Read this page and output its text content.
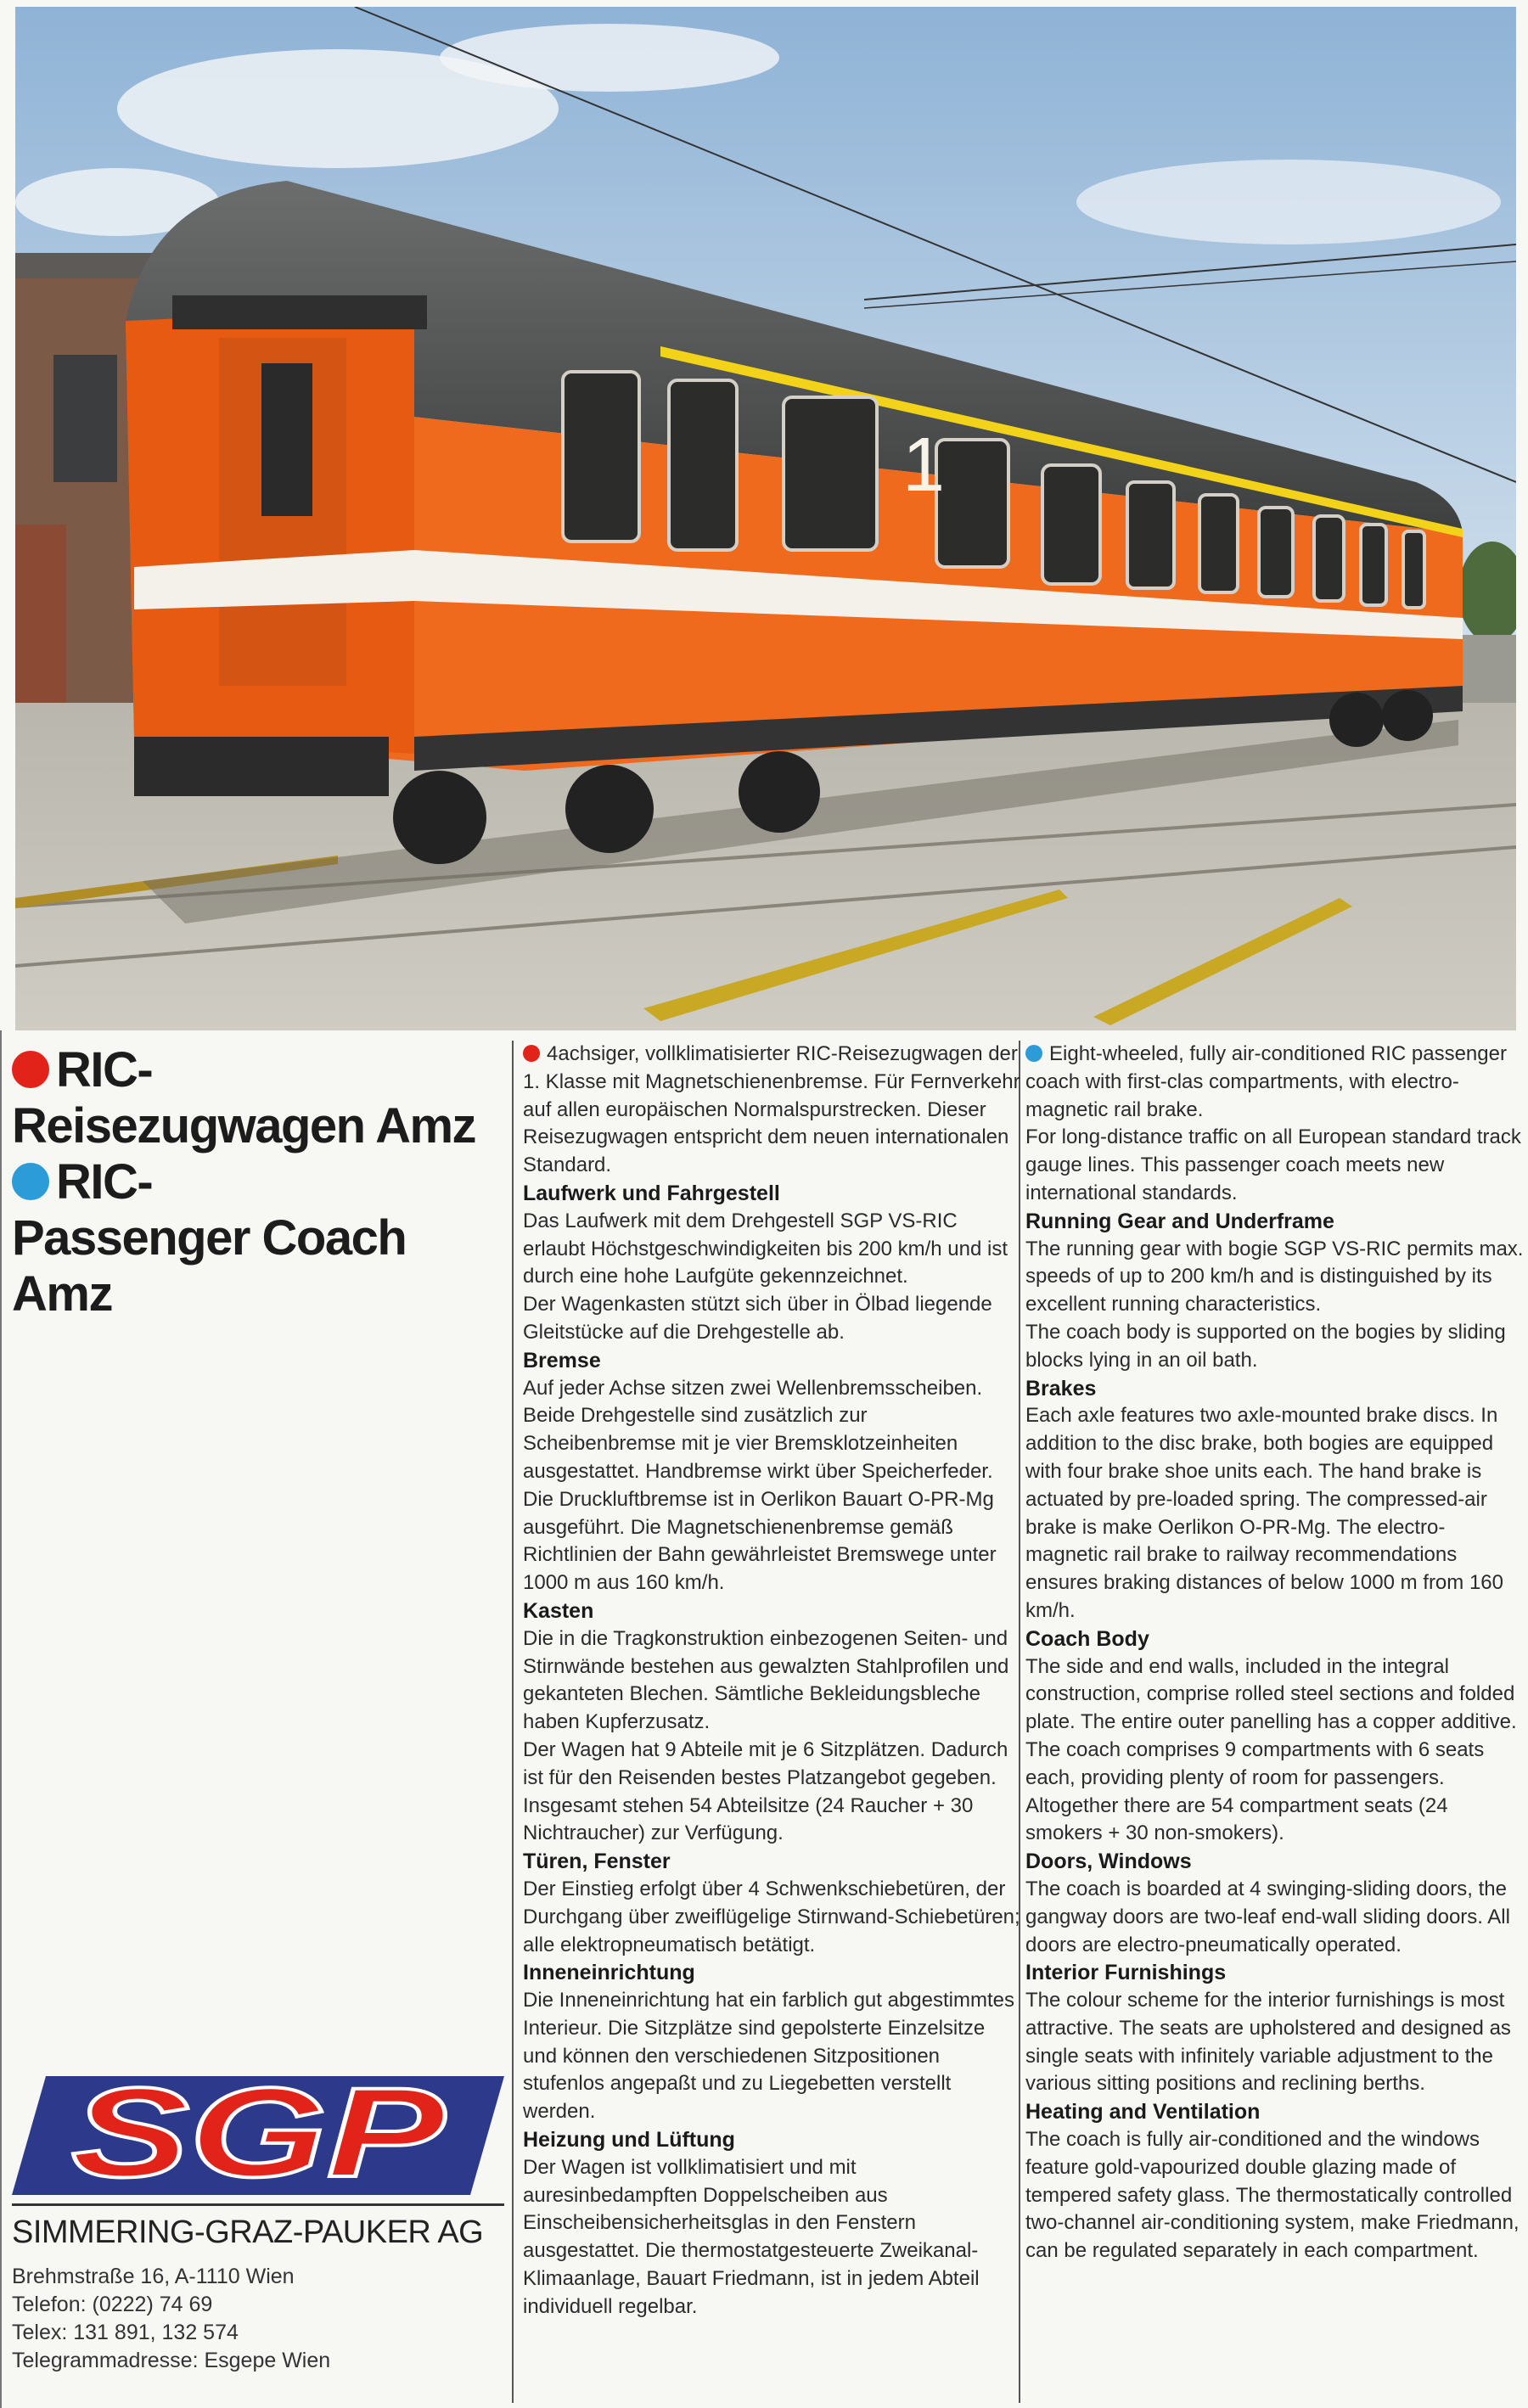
1
RIC-
Reisezugwagen Amz
RIC-
Passenger Coach
Amz
SGP
SIMMERING-GRAZ-PAUKER AG
Brehmstraße 16, A-1110 Wien
Telefon: (0222) 74 69
Telex: 131 891, 132 574
Telegrammadresse: Esgepe Wien

4achsiger, vollklimatisierter RIC-Reisezugwagen der 1. Klasse mit Magnetschienenbremse. Für Fernverkehr auf allen europäischen Normalspurstrecken. Dieser Reisezugwagen entspricht dem neuen internationalen Standard.

Laufwerk und Fahrgestell

Das Laufwerk mit dem Drehgestell SGP VS-RIC erlaubt Höchstgeschwindigkeiten bis 200 km/h und ist durch eine hohe Laufgüte gekennzeichnet.

Der Wagenkasten stützt sich über in Ölbad liegende Gleitstücke auf die Drehgestelle ab.

Bremse

Auf jeder Achse sitzen zwei Wellenbremsscheiben. Beide Drehgestelle sind zusätzlich zur Scheibenbremse mit je vier Bremsklotzeinheiten ausgestattet. Handbremse wirkt über Speicherfeder. Die Druckluftbremse ist in Oerlikon Bauart O-PR-Mg ausgeführt. Die Magnetschienenbremse gemäß Richtlinien der Bahn gewährleistet Bremswege unter 1000 m aus 160 km/h.

Kasten

Die in die Tragkonstruktion einbezogenen Seiten- und Stirnwände bestehen aus gewalzten Stahlprofilen und gekanteten Blechen. Sämtliche Bekleidungsbleche haben Kupferzusatz.

Der Wagen hat 9 Abteile mit je 6 Sitzplätzen. Dadurch ist für den Reisenden bestes Platzangebot gegeben. Insgesamt stehen 54 Abteilsitze (24 Raucher + 30 Nichtraucher) zur Verfügung.

Türen, Fenster

Der Einstieg erfolgt über 4 Schwenkschiebetüren, der Durchgang über zweiflügelige Stirnwand-Schiebetüren; alle elektropneumatisch betätigt.

Inneneinrichtung

Die Inneneinrichtung hat ein farblich gut abgestimmtes Interieur. Die Sitzplätze sind gepolsterte Einzelsitze und können den verschiedenen Sitzpositionen stufenlos angepaßt und zu Liegebetten verstellt werden.

Heizung und Lüftung

Der Wagen ist vollklimatisiert und mit auresinbedampften Doppelscheiben aus Einscheibensicherheitsglas in den Fenstern ausgestattet. Die thermostatgesteuerte Zweikanal-Klimaanlage, Bauart Friedmann, ist in jedem Abteil individuell regelbar.

Eight-wheeled, fully air-conditioned RIC passenger coach with first-clas compartments, with electro-magnetic rail brake.

For long-distance traffic on all European standard track gauge lines. This passenger coach meets new international standards.

Running Gear and Underframe

The running gear with bogie SGP VS-RIC permits max. speeds of up to 200 km/h and is distinguished by its excellent running characteristics.

The coach body is supported on the bogies by sliding blocks lying in an oil bath.

Brakes

Each axle features two axle-mounted brake discs. In addition to the disc brake, both bogies are equipped with four brake shoe units each. The hand brake is actuated by pre-loaded spring. The compressed-air brake is make Oerlikon O-PR-Mg. The electro-magnetic rail brake to railway recommendations ensures braking distances of below 1000 m from 160 km/h.

Coach Body

The side and end walls, included in the integral construction, comprise rolled steel sections and folded plate. The entire outer panelling has a copper additive. The coach comprises 9 compartments with 6 seats each, providing plenty of room for passengers. Altogether there are 54 compartment seats (24 smokers + 30 non-smokers).

Doors, Windows

The coach is boarded at 4 swinging-sliding doors, the gangway doors are two-leaf end-wall sliding doors. All doors are electro-pneumatically operated.

Interior Furnishings

The colour scheme for the interior furnishings is most attractive. The seats are upholstered and designed as single seats with infinitely variable adjustment to the various sitting positions and reclining berths.

Heating and Ventilation

The coach is fully air-conditioned and the windows feature gold-vapourized double glazing made of tempered safety glass. The thermostatically controlled two-channel air-conditioning system, make Friedmann, can be regulated separately in each compartment.
